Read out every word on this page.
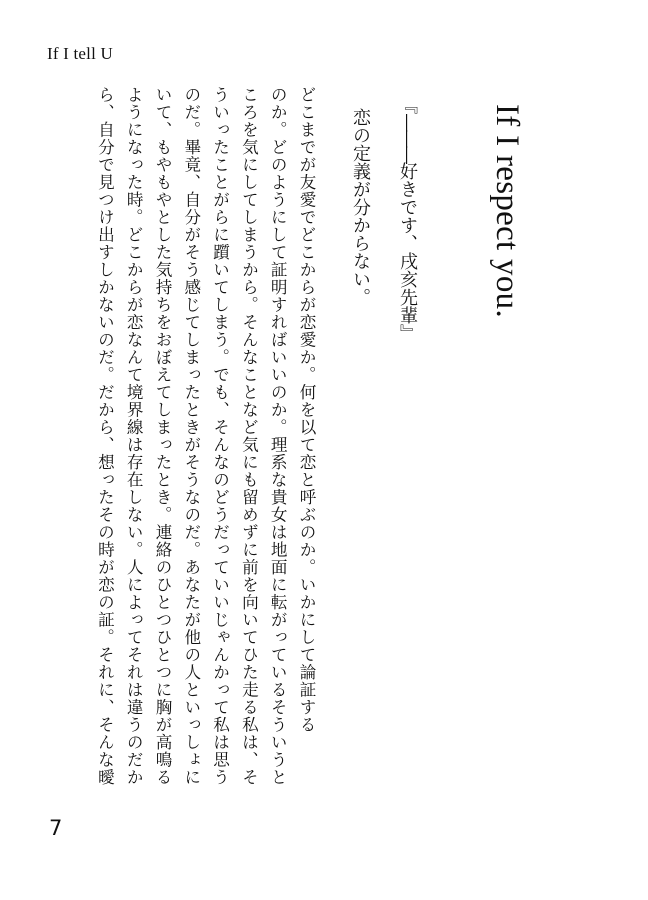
If I tell U
If I respect you.
『―――好きです、戌亥先輩』
恋の定義が分からない。
どこまでが友愛でどこからが恋愛か。何を以て恋と呼ぶのか。いかにして論証する
のか。どのようにして証明すればいいのか。理系な貴女は地面に転がっているそういうと
ころを気にしてしまうから。そんなことなど気にも留めずに前を向いてひた走る私は、そ
ういったことがらに躓いてしまう。でも、そんなのどうだっていいじゃんかって私は思う
のだ。畢竟、自分がそう感じてしまったときがそうなのだ。あなたが他の人といっしょに
いて、もやもやとした気持ちをおぼえてしまったとき。連絡のひとつひとつに胸が高鳴る
ようになった時。どこからが恋なんて境界線は存在しない。人によってそれは違うのだか
ら、自分で見つけ出すしかないのだ。だから、想ったその時が恋の証。それに、そんな曖
7
